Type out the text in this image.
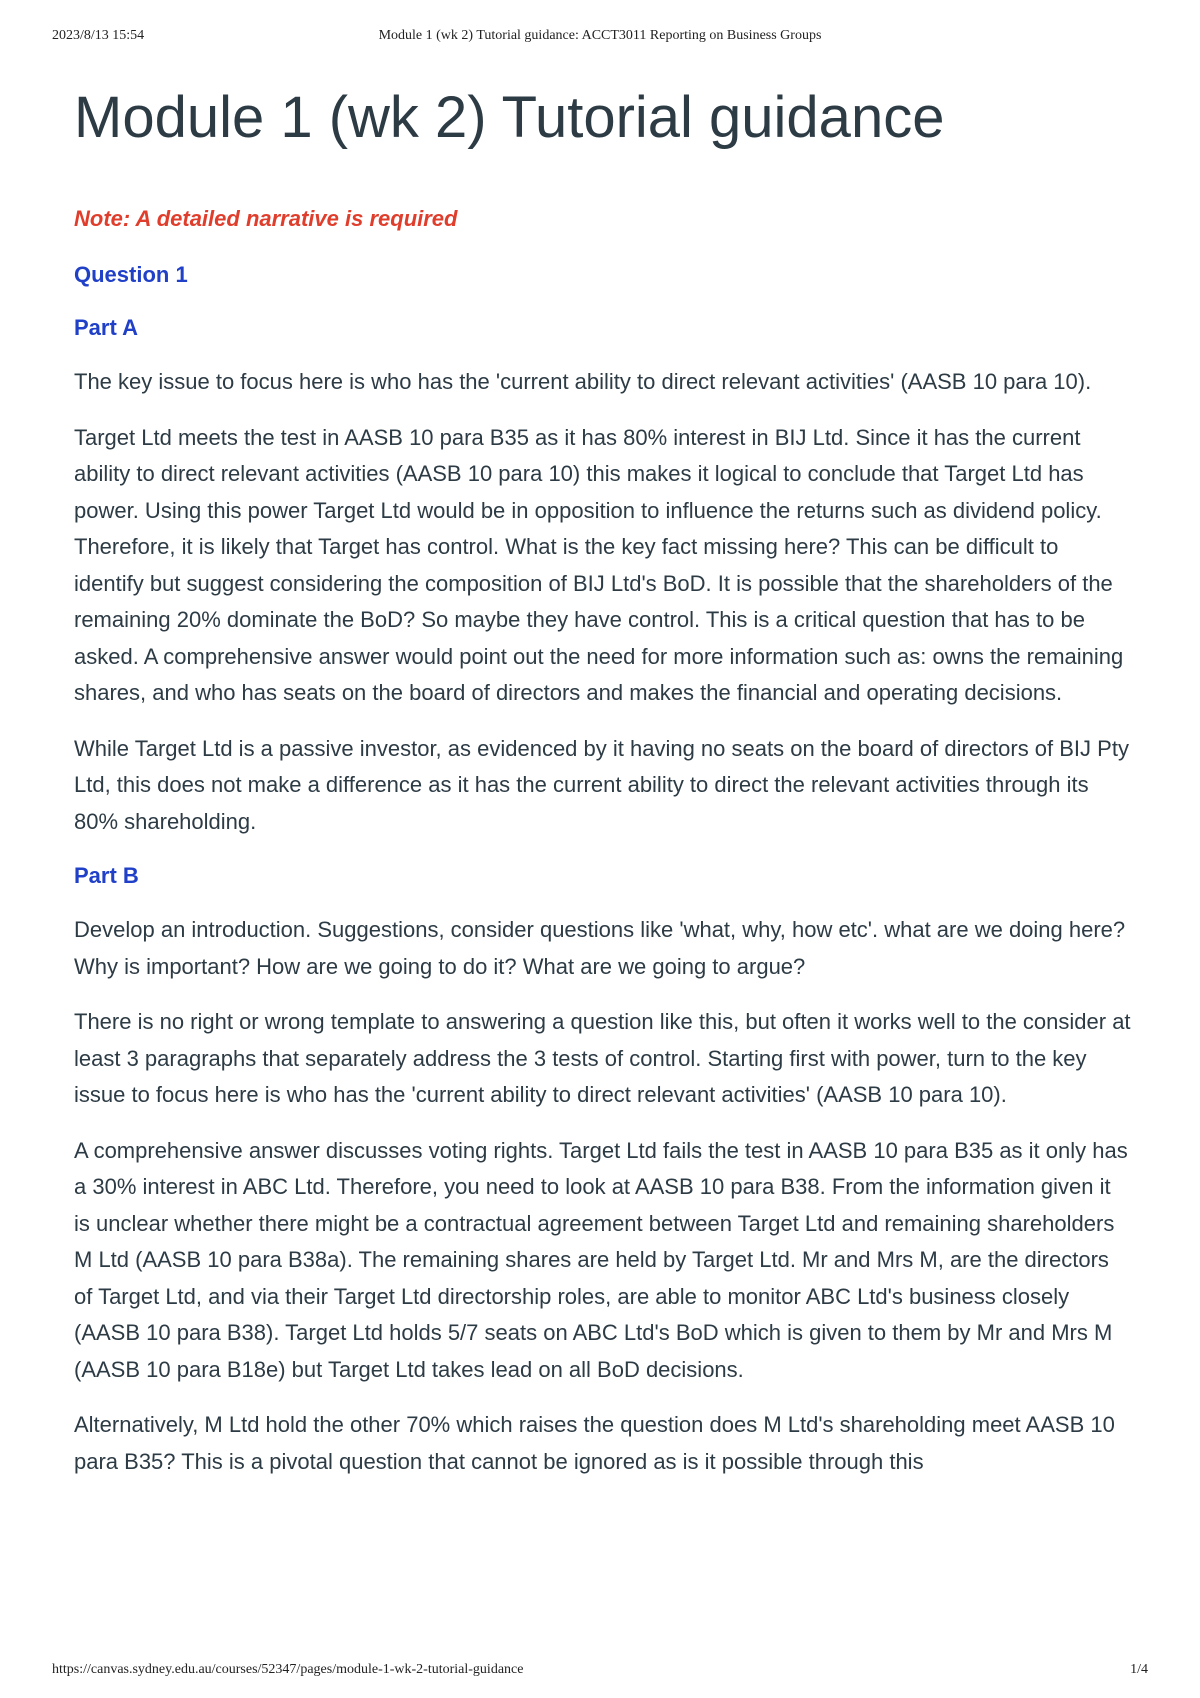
2023/8/13 15:54	Module 1 (wk 2) Tutorial guidance: ACCT3011 Reporting on Business Groups
Module 1 (wk 2) Tutorial guidance

Note: A detailed narrative is required

Question 1

Part A

The key issue to focus here is who has the 'current ability to direct relevant activities' (AASB 10 para 10).

Target Ltd meets the test in AASB 10 para B35 as it has 80% interest in BIJ Ltd. Since it has the current ability to direct relevant activities (AASB 10 para 10) this makes it logical to conclude that Target Ltd has power. Using this power Target Ltd would be in opposition to influence the returns such as dividend policy. Therefore, it is likely that Target has control. What is the key fact missing here? This can be difficult to identify but suggest considering the composition of BIJ Ltd's BoD. It is possible that the shareholders of the remaining 20% dominate the BoD? So maybe they have control. This is a critical question that has to be asked. A comprehensive answer would point out the need for more information such as: owns the remaining shares, and who has seats on the board of directors and makes the financial and operating decisions.

While Target Ltd is a passive investor, as evidenced by it having no seats on the board of directors of BIJ Pty Ltd, this does not make a difference as it has the current ability to direct the relevant activities through its 80% shareholding.

Part B

Develop an introduction. Suggestions, consider questions like 'what, why, how etc'. what are we doing here? Why is important? How are we going to do it? What are we going to argue?

There is no right or wrong template to answering a question like this, but often it works well to the consider at least 3 paragraphs that separately address the 3 tests of control. Starting first with power, turn to the key issue to focus here is who has the 'current ability to direct relevant activities' (AASB 10 para 10).

A comprehensive answer discusses voting rights. Target Ltd fails the test in AASB 10 para B35 as it only has a 30% interest in ABC Ltd. Therefore, you need to look at AASB 10 para B38. From the information given it is unclear whether there might be a contractual agreement between Target Ltd and remaining shareholders M Ltd (AASB 10 para B38a). The remaining shares are held by Target Ltd. Mr and Mrs M, are the directors of Target Ltd, and via their Target Ltd directorship roles, are able to monitor ABC Ltd's business closely (AASB 10 para B38). Target Ltd holds 5/7 seats on ABC Ltd's BoD which is given to them by Mr and Mrs M (AASB 10 para B18e) but Target Ltd takes lead on all BoD decisions.

Alternatively, M Ltd hold the other 70% which raises the question does M Ltd's shareholding meet AASB 10 para B35? This is a pivotal question that cannot be ignored as is it possible through this

https://canvas.sydney.edu.au/courses/52347/pages/module-1-wk-2-tutorial-guidance	1/4
